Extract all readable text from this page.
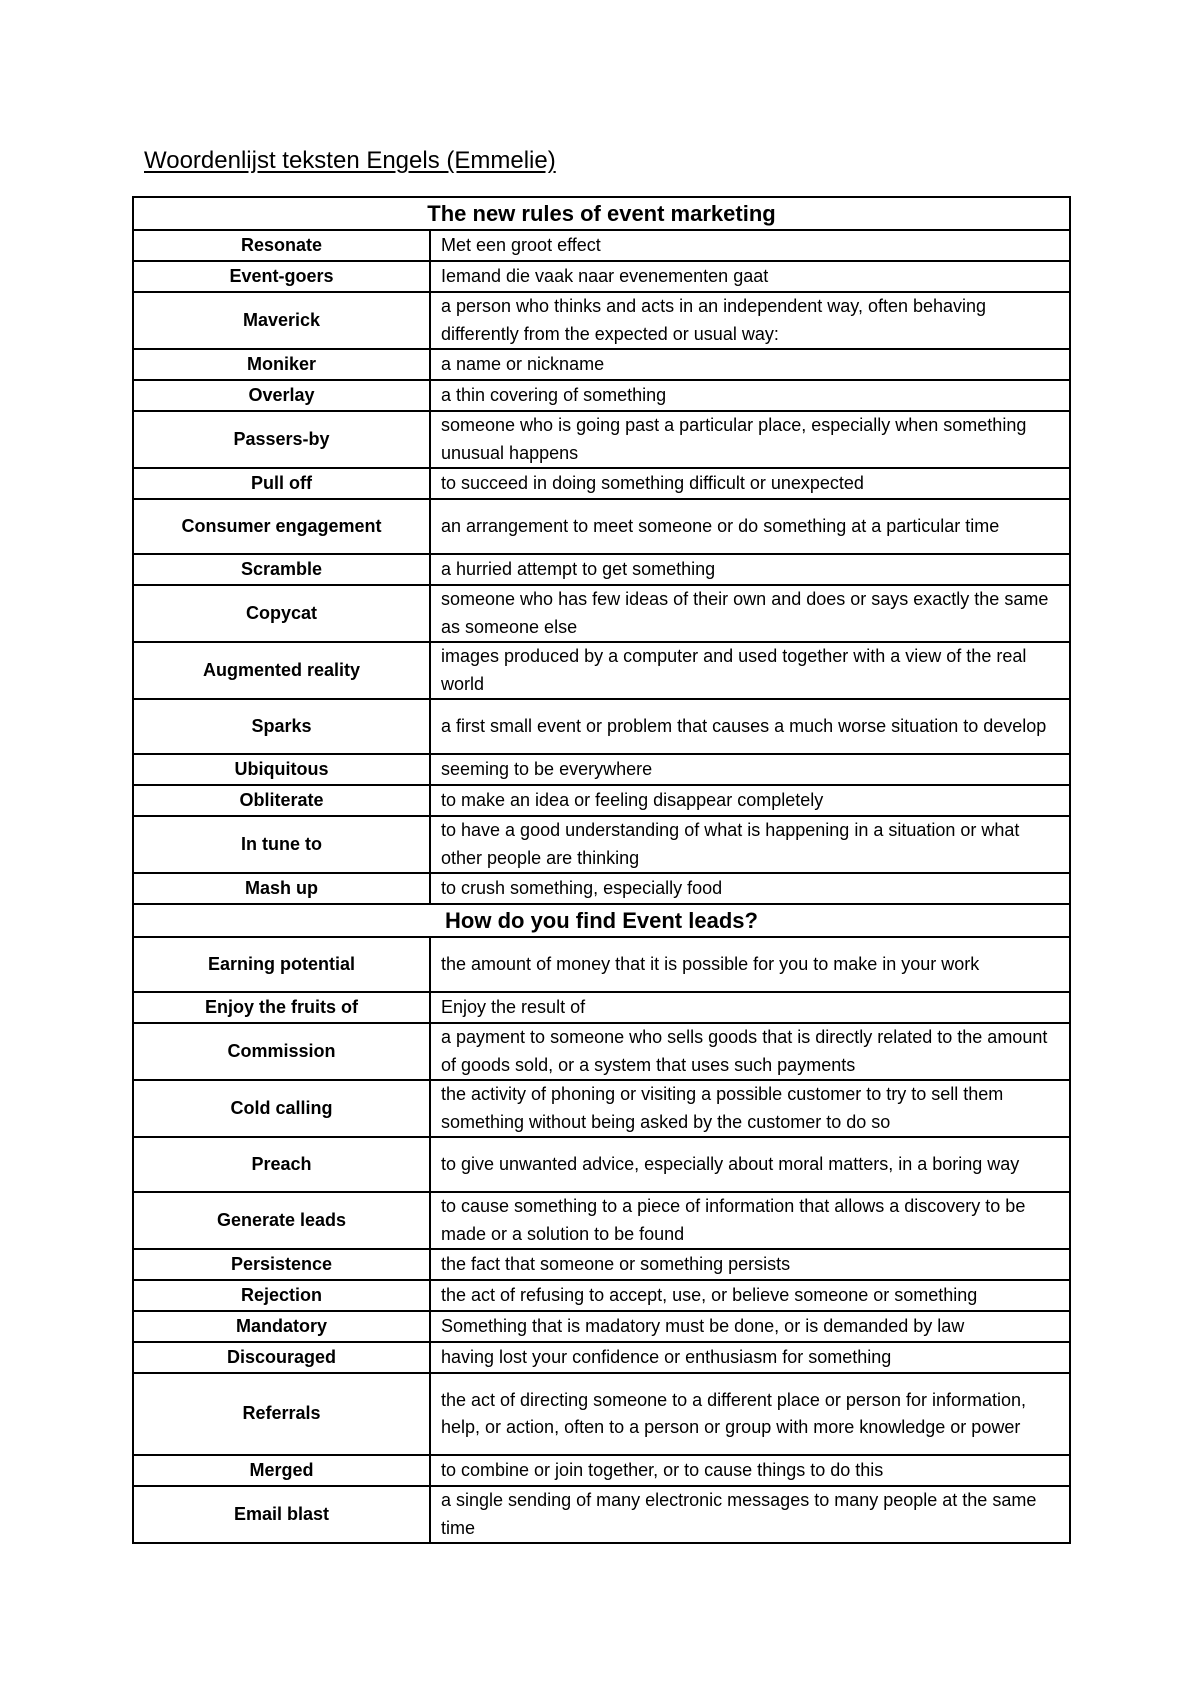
Woordenlijst teksten Engels (Emmelie)
The new rules of event marketing	
Resonate	Met een groot effect
Event-goers	Iemand die vaak naar evenementen gaat
Maverick	a person who thinks and acts in an independent way, often behaving differently from the expected or usual way:
Moniker	a name or nickname
Overlay	a thin covering of something
Passers-by	someone who is going past a particular place, especially when something unusual happens
Pull off	to succeed in doing something difficult or unexpected
Consumer engagement	an arrangement to meet someone or do something at a particular time
Scramble	a hurried attempt to get something
Copycat	someone who has few ideas of their own and does or says exactly the same as someone else
Augmented reality	images produced by a computer and used together with a view of the real world
Sparks	a first small event or problem that causes a much worse situation to develop
Ubiquitous	seeming to be everywhere
Obliterate	to make an idea or feeling disappear completely
In tune to	to have a good understanding of what is happening in a situation or what other people are thinking
Mash up	to crush something, especially food
How do you find Event leads?	
Earning potential	the amount of money that it is possible for you to make in your work
Enjoy the fruits of	Enjoy the result of
Commission	a payment to someone who sells goods that is directly related to the amount of goods sold, or a system that uses such payments
Cold calling	the activity of phoning or visiting a possible customer to try to sell them something without being asked by the customer to do so
Preach	to give unwanted advice, especially about moral matters, in a boring way
Generate leads	to cause something to a piece of information that allows a discovery to be made or a solution to be found
Persistence	the fact that someone or something persists
Rejection	the act of refusing to accept, use, or believe someone or something
Mandatory	Something that is madatory must be done, or is demanded by law
Discouraged	having lost your confidence or enthusiasm for something
Referrals	the act of directing someone to a different place or person for information, help, or action, often to a person or group with more knowledge or power
Merged	to combine or join together, or to cause things to do this
Email blast	a single sending of many electronic messages to many people at the same time
